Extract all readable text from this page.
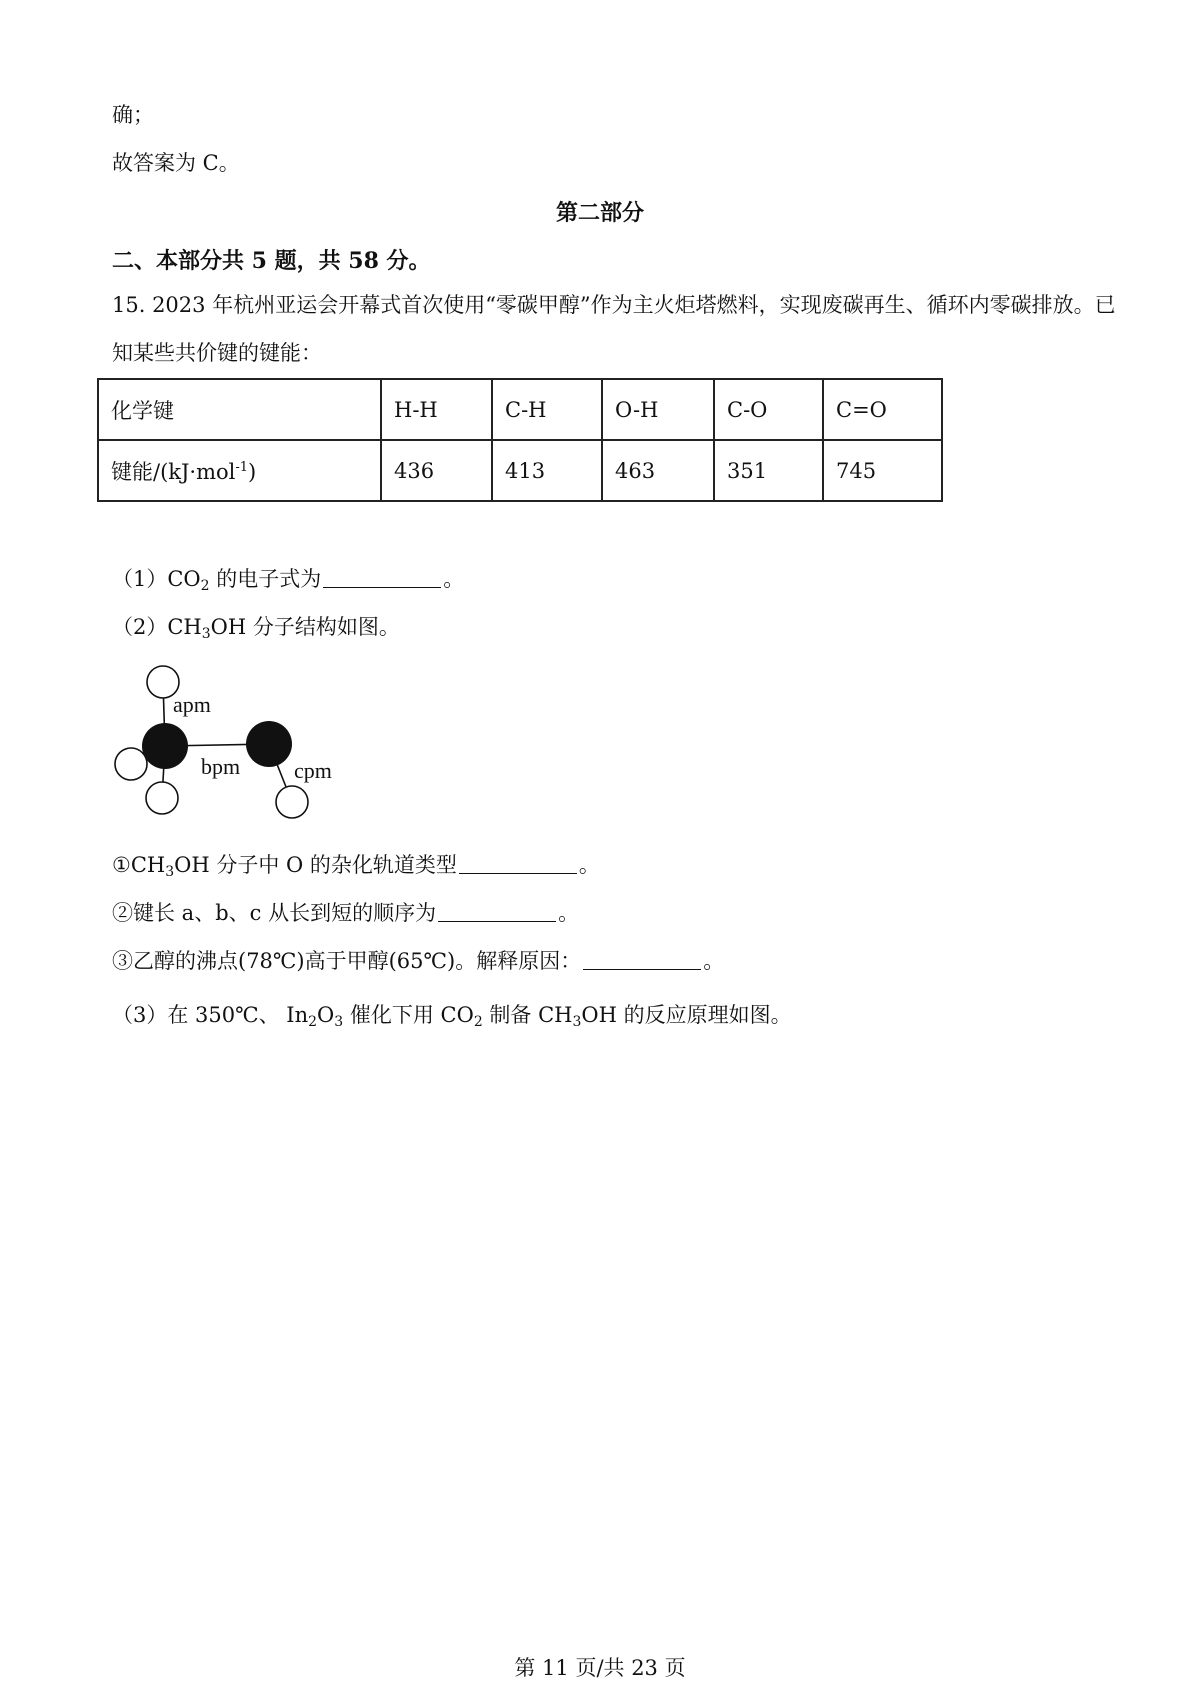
确；
故答案为 C。
第二部分
二、本部分共 5 题，共 58 分。
15. 2023 年杭州亚运会开幕式首次使用“零碳甲醇”作为主火炬塔燃料，实现废碳再生、循环内零碳排放。已
知某些共价键的键能：
化学键	H-H	C-H	O-H	C-O	C=O
键能/(kJ·mol$^{-1}$)	436	413	463	351	745
$(1)CO_2$ 的电子式为	。
$(2)CH_3OH$ 分子结构如图。
apm
bpm cpm
$①CH_3OH$ 分子中 O 的杂化轨道类型	。
②键长 a、b、c 从长到短的顺序为	。
③乙醇的沸点(78℃)高于甲醇(65℃)。解释原因：	。
（3）在 350℃、 $In_2O_3$ 催化下用 $CO_2$ 制备 $CH_3OH$ 的反应原理如图。
第 11 页/共 23 页
